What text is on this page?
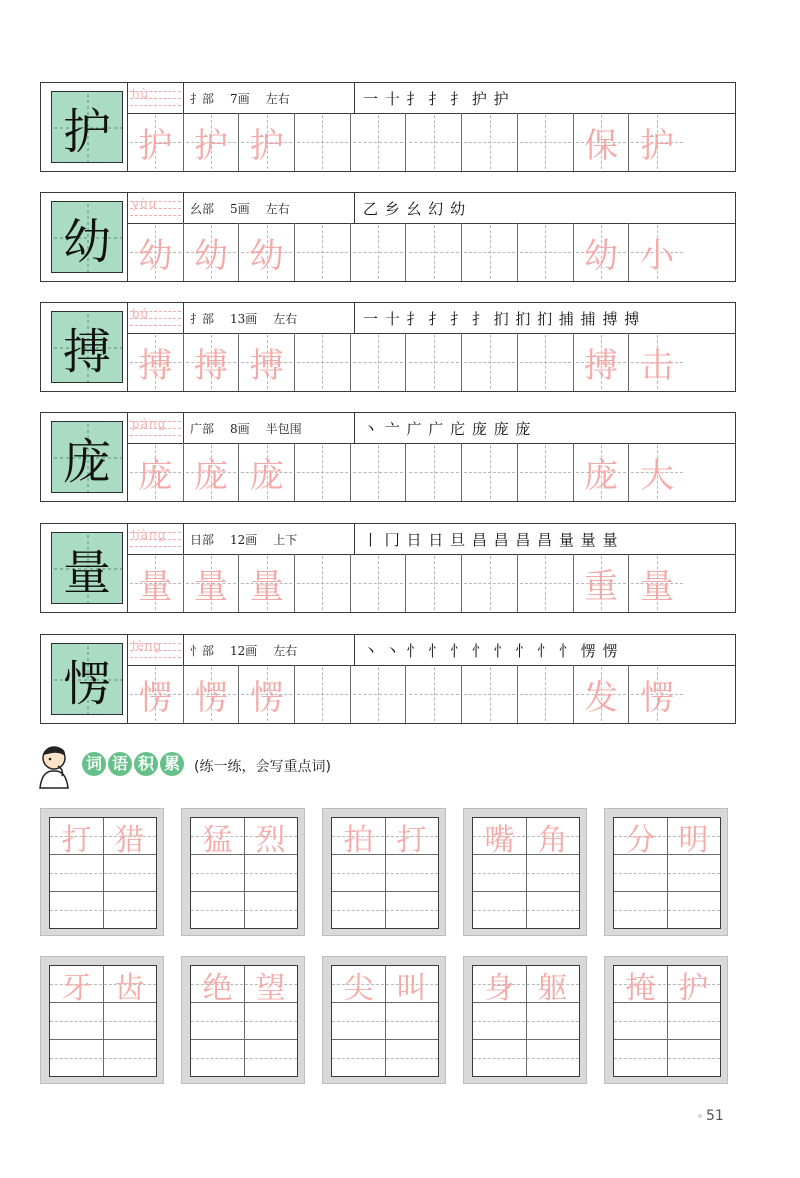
护
hù	扌部 7画 左右	一 十 扌 扌 扌 护 护
护 护 护	保 护
幼
yòu	幺部 5画 左右	乙 乡 幺 幻 幼
幼 幼 幼	幼 小
搏
bó	扌部 13画 左右	一 十 扌 扌 扌 扌 扪 扪 扪 捕 捕 搏 搏
搏 搏 搏	搏 击
庞
páng 广部 8画 半包围	丶 亠 广 广 庀 庞 庞 庞
庞 庞 庞	庞 大
量
liàng 日部 12画 上下	丨 冂 日 日 旦 昌 昌 昌 昌 量 量 量
量 量 量	重 量
愣
lèng 忄部 12画 左右	丶 丶 忄 忄 忄 忄 忄 忄 忄 忄 愣 愣
愣 愣 愣	发 愣
词 语 积 累 (练一练，会写重点词)
打 猎	猛 烈	拍 打	嘴 角	分 明
牙 齿	绝 望	尖 叫	身 躯	掩 护
51
